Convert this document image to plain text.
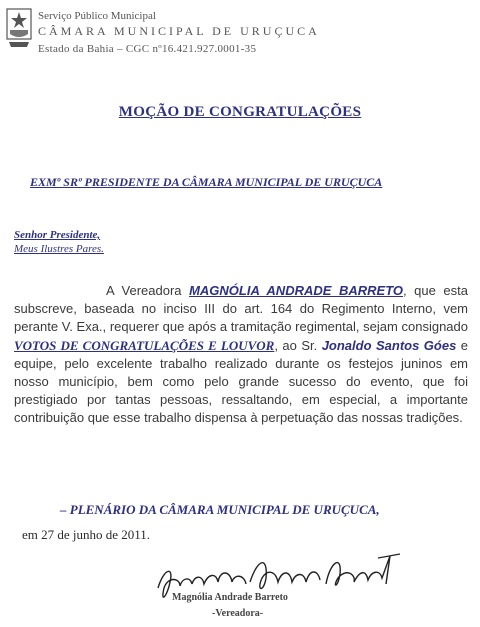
Serviço Público Municipal
CÂMARA MUNICIPAL DE URUÇUCA
Estado da Bahia – CGC nº16.421.927.0001-35
MOÇÃO DE CONGRATULAÇÕES
EXMº SRº PRESIDENTE DA CÂMARA MUNICIPAL DE URUÇUCA
Senhor Presidente,
Meus Ilustres Pares.
A Vereadora MAGNÓLIA ANDRADE BARRETO, que esta subscreve, baseada no inciso III do art. 164 do Regimento Interno, vem perante V. Exa., requerer que após a tramitação regimental, sejam consignado VOTOS DE CONGRATULAÇÕES E LOUVOR, ao Sr. Jonaldo Santos Góes e equipe, pelo excelente trabalho realizado durante os festejos juninos em nosso município, bem como pelo grande sucesso do evento, que foi prestigiado por tantas pessoas, ressaltando, em especial, a importante contribuição que esse trabalho dispensa à perpetuação das nossas tradições.
– PLENÁRIO DA CÂMARA MUNICIPAL DE URUÇUCA,
em 27 de junho de 2011.
Magnólia Andrade Barreto
-Vereadora-
